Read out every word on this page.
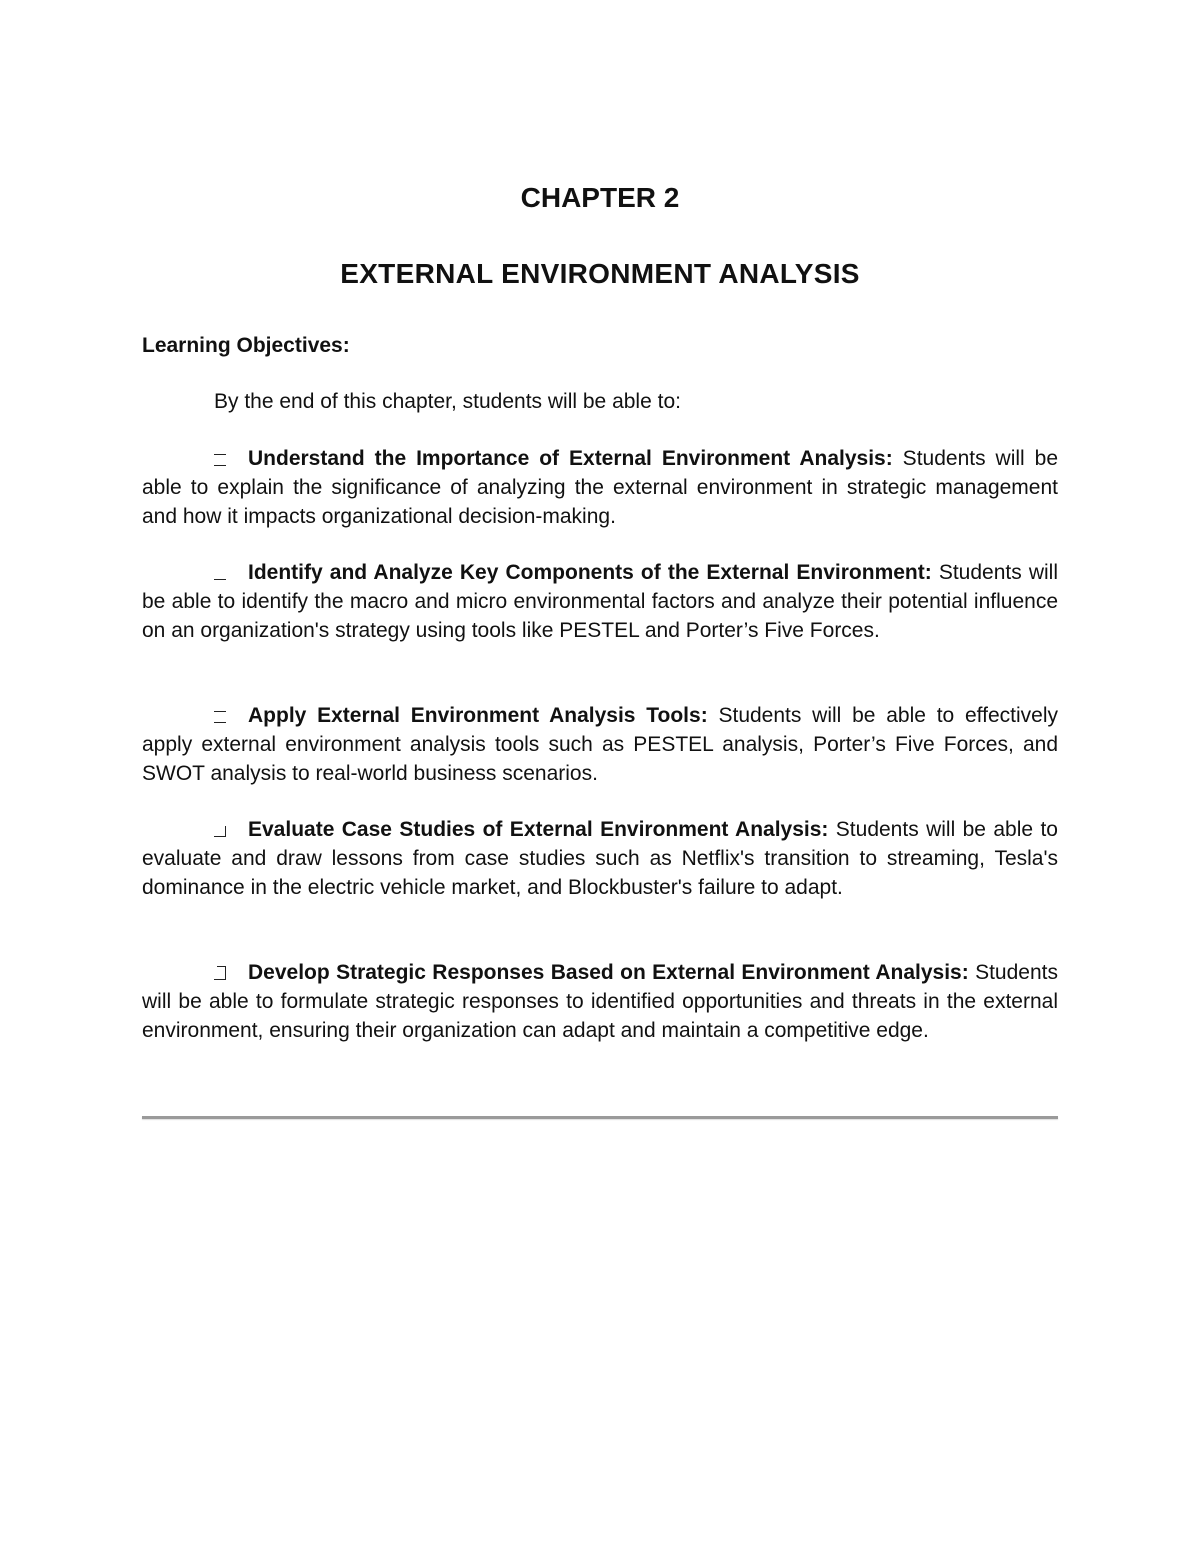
CHAPTER 2
EXTERNAL ENVIRONMENT ANALYSIS
Learning Objectives:
By the end of this chapter, students will be able to:
Understand the Importance of External Environment Analysis: Students will be able to explain the significance of analyzing the external environment in strategic management and how it impacts organizational decision-making.
Identify and Analyze Key Components of the External Environment: Students will be able to identify the macro and micro environmental factors and analyze their potential influence on an organization's strategy using tools like PESTEL and Porter’s Five Forces.
Apply External Environment Analysis Tools: Students will be able to effectively apply external environment analysis tools such as PESTEL analysis, Porter’s Five Forces, and SWOT analysis to real-world business scenarios.
Evaluate Case Studies of External Environment Analysis: Students will be able to evaluate and draw lessons from case studies such as Netflix's transition to streaming, Tesla's dominance in the electric vehicle market, and Blockbuster's failure to adapt.
Develop Strategic Responses Based on External Environment Analysis: Students will be able to formulate strategic responses to identified opportunities and threats in the external environment, ensuring their organization can adapt and maintain a competitive edge.
